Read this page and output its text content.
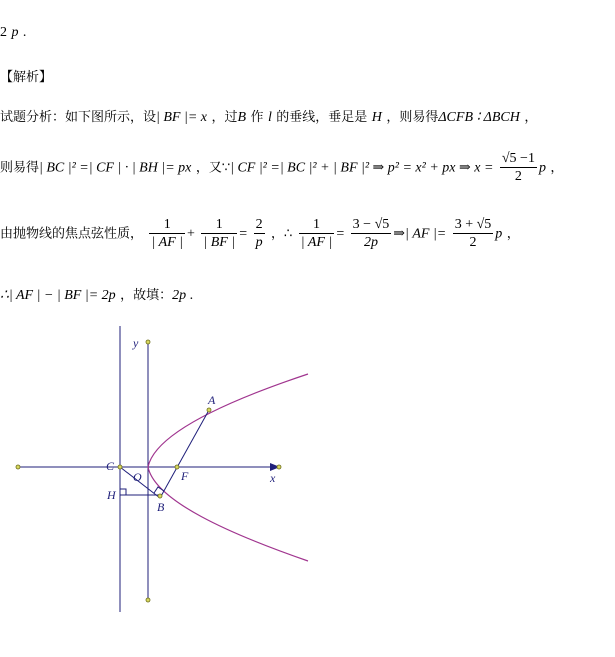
2 p .
【解析】
试题分析：如下图所示，设| BF |= x ，过B 作 l 的垂线，垂足是 H ，则易得ΔCFB ∶ ΔBCH ，
则易得| BC |² =| CF | · | BH |= px ，又∵| CF |² =| BC |² + | BF |² ⇒ p² = x² + px ⇒ $x = \frac{√5 -1}{2}$ p ，
由抛物线的焦点弦性质， $\frac{1}{| AF |} + \frac{1}{| BF |} = \frac{2}{p}$ ，∴ $\frac{1}{| AF |} = \frac{3 - √5}{2p}$ ⇒| AF |= $\frac{3 + √5}{2}$ p ，
∴| AF | − | BF |= 2p ，故填：2p .
y
x
A
C
O	F
H
B
